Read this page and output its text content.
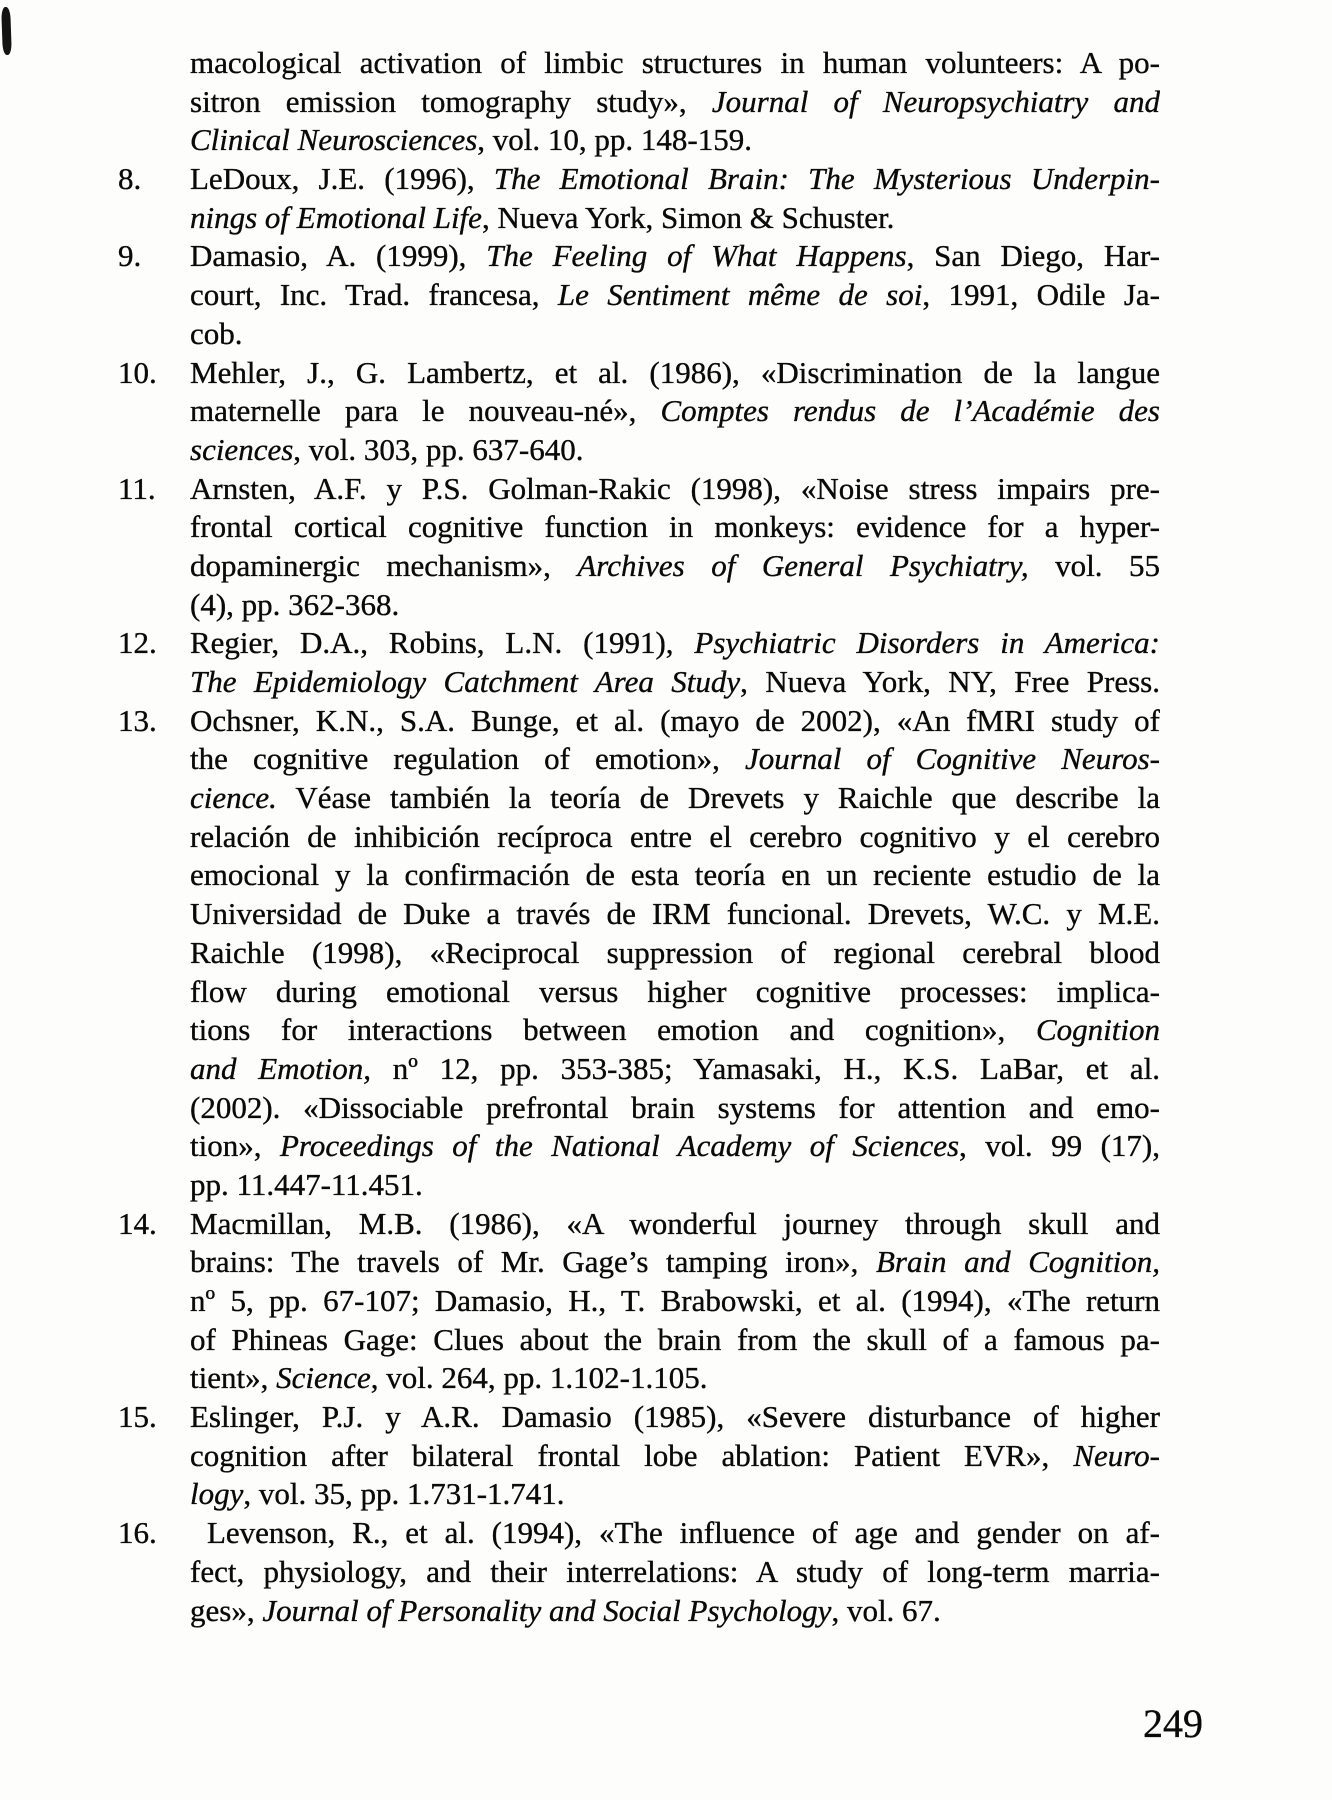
macological activation of limbic structures in human volunteers: A po-
sitron emission tomography study», Journal of Neuropsychiatry and
Clinical Neurosciences, vol. 10, pp. 148-159.
8.	LeDoux, J.E. (1996), The Emotional Brain: The Mysterious Underpin-
nings of Emotional Life, Nueva York, Simon & Schuster.
9.	Damasio, A. (1999), The Feeling of What Happens, San Diego, Har-
court, Inc. Trad. francesa, Le Sentiment même de soi, 1991, Odile Ja-
cob.
10.	Mehler, J., G. Lambertz, et al. (1986), «Discrimination de la langue
maternelle para le nouveau-né», Comptes rendus de l’Académie des
sciences, vol. 303, pp. 637-640.
11.	Arnsten, A.F. y P.S. Golman-Rakic (1998), «Noise stress impairs pre-
frontal cortical cognitive function in monkeys: evidence for a hyper-
dopaminergic mechanism», Archives of General Psychiatry, vol. 55
(4), pp. 362-368.
12.	Regier, D.A., Robins, L.N. (1991), Psychiatric Disorders in America:
The Epidemiology Catchment Area Study, Nueva York, NY, Free Press.
13.	Ochsner, K.N., S.A. Bunge, et al. (mayo de 2002), «An fMRI study of
the cognitive regulation of emotion», Journal of Cognitive Neuros-
cience. Véase también la teoría de Drevets y Raichle que describe la
relación de inhibición recíproca entre el cerebro cognitivo y el cerebro
emocional y la confirmación de esta teoría en un reciente estudio de la
Universidad de Duke a través de IRM funcional. Drevets, W.C. y M.E.
Raichle (1998), «Reciprocal suppression of regional cerebral blood
flow during emotional versus higher cognitive processes: implica-
tions for interactions between emotion and cognition», Cognition
and Emotion, nº 12, pp. 353-385; Yamasaki, H., K.S. LaBar, et al.
(2002). «Dissociable prefrontal brain systems for attention and emo-
tion», Proceedings of the National Academy of Sciences, vol. 99 (17),
pp. 11.447-11.451.
14.	Macmillan, M.B. (1986), «A wonderful journey through skull and
brains: The travels of Mr. Gage’s tamping iron», Brain and Cognition,
nº 5, pp. 67-107; Damasio, H., T. Brabowski, et al. (1994), «The return
of Phineas Gage: Clues about the brain from the skull of a famous pa-
tient», Science, vol. 264, pp. 1.102-1.105.
15.	Eslinger, P.J. y A.R. Damasio (1985), «Severe disturbance of higher
cognition after bilateral frontal lobe ablation: Patient EVR», Neuro-
logy, vol. 35, pp. 1.731-1.741.
16.	Levenson, R., et al. (1994), «The influence of age and gender on af-
fect, physiology, and their interrelations: A study of long-term marria-
ges», Journal of Personality and Social Psychology, vol. 67.
249
